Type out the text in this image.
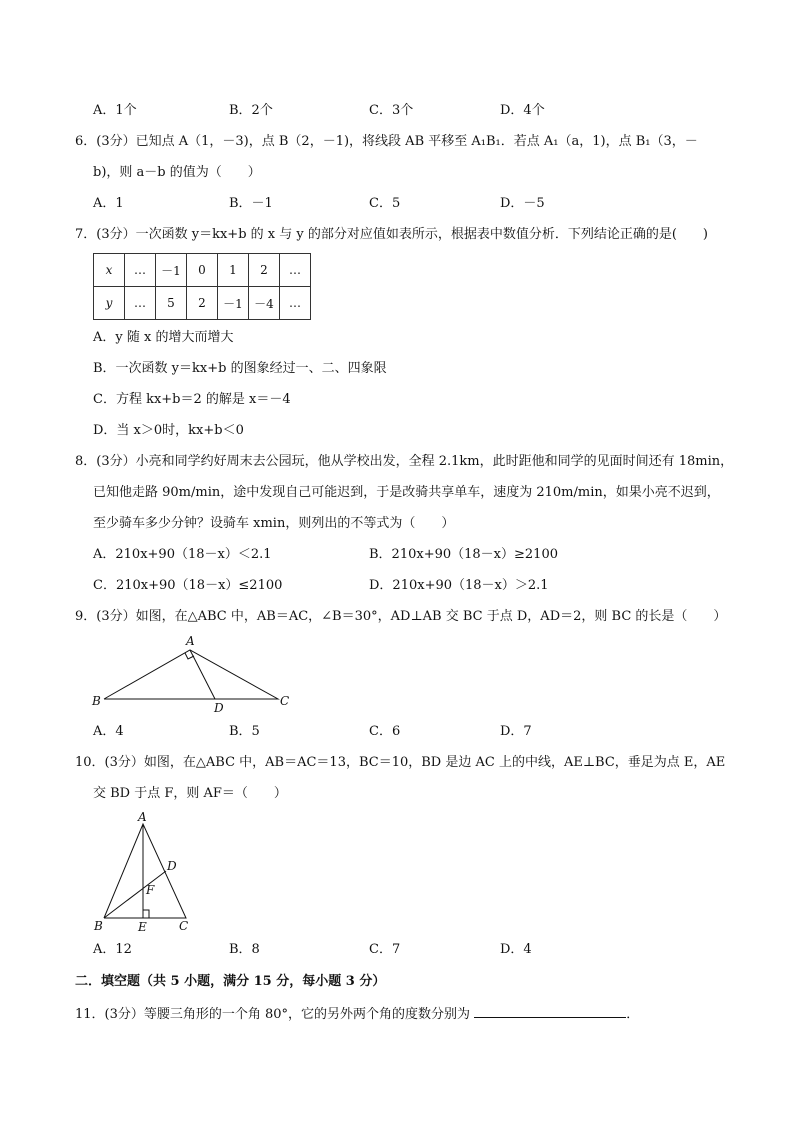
A．1个	B．2个	C．3个	D．4个
6．(3分）已知点 A（1，－3)，点 B（2，－1)，将线段 AB 平移至 A₁B₁．若点 A₁（a，1)，点 B₁（3，－
b)，则 a－b 的值为（　　）
A．1	B．－1	C．5	D．－5
7．(3分）一次函数 y＝kx+b 的 x 与 y 的部分对应值如表所示，根据表中数值分析．下列结论正确的是(　　)
x	…	－1	0	1	2	…
y	…	5	2	－1	－4	…
A．y 随 x 的增大而增大
B．一次函数 y＝kx+b 的图象经过一、二、四象限
C．方程 kx+b＝2 的解是 x＝－4
D．当 x＞0时，kx+b＜0
8．(3分）小亮和同学约好周末去公园玩，他从学校出发，全程 2.1km，此时距他和同学的见面时间还有 18min，
已知他走路 90m/min，途中发现自己可能迟到，于是改骑共享单车，速度为 210m/min，如果小亮不迟到，
至少骑车多少分钟？设骑车 xmin，则列出的不等式为（　　）
A．210x+90（18－x）＜2.1	B．210x+90（18－x）≥2100
C．210x+90（18－x）≤2100	D．210x+90（18－x）＞2.1
9．(3分）如图，在△ABC 中，AB＝AC，∠B＝30°，AD⊥AB 交 BC 于点 D，AD＝2，则 BC 的长是（　　）
A
B	D	C
A．4	B．5	C．6	D．7
10．(3分）如图，在△ABC 中，AB＝AC＝13，BC＝10，BD 是边 AC 上的中线，AE⊥BC，垂足为点 E，AE
交 BD 于点 F，则 AF＝（　　）
A
D
F
B	E	C
A．12	B．8	C．7	D．4
二．填空题（共 5 小题，满分 15 分，每小题 3 分）
11．(3分）等腰三角形的一个角 80°，它的另外两个角的度数分别为	．
